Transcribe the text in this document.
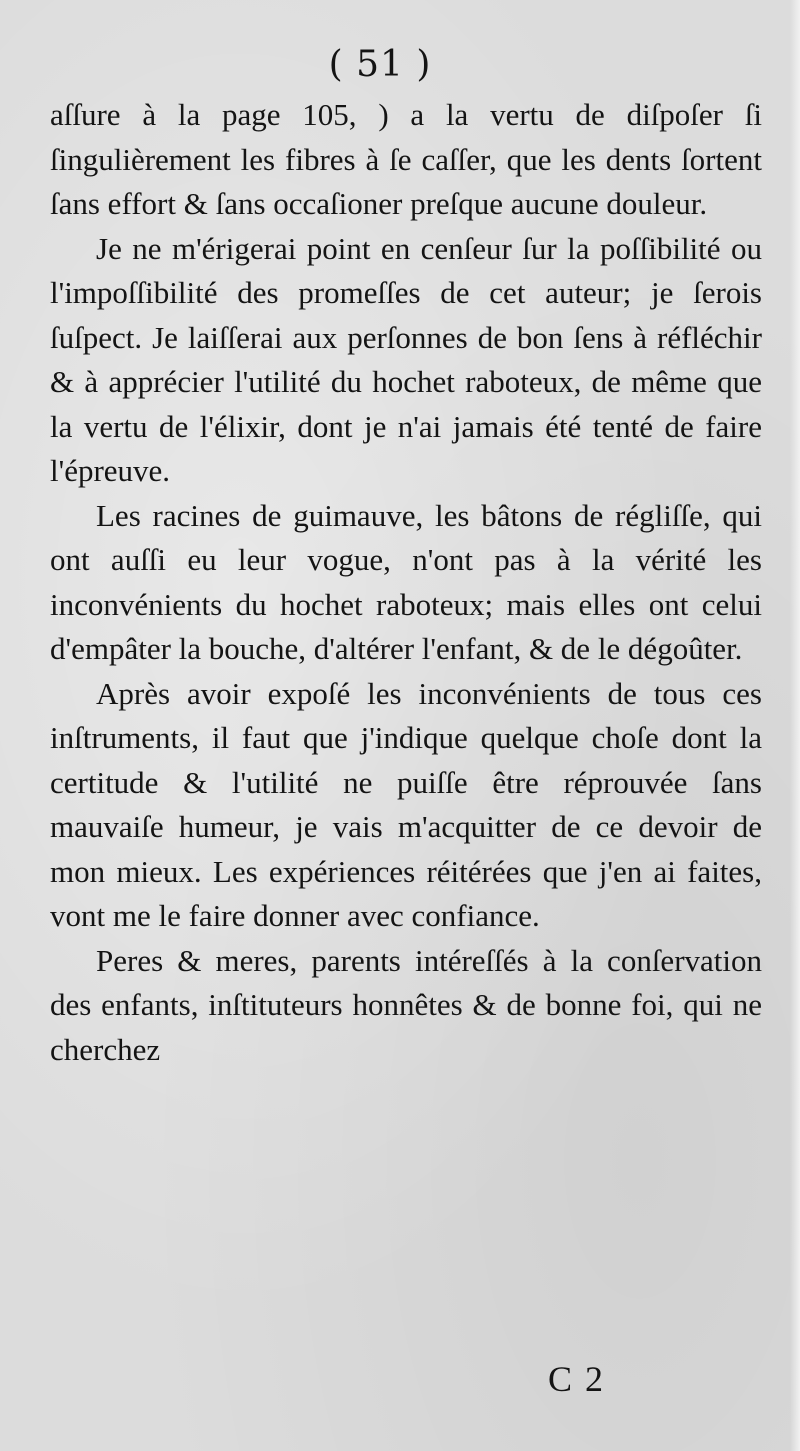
( 51 )

aſſure à la page 105, ) a la vertu de diſpoſer ſi ſingulièrement les fibres à ſe caſſer, que les dents ſortent ſans effort & ſans occaſioner preſque aucune douleur.

Je ne m'érigerai point en cenſeur ſur la poſſibilité ou l'impoſſibilité des promeſſes de cet auteur; je ſerois ſuſpect. Je laiſſerai aux perſonnes de bon ſens à réfléchir & à apprécier l'utilité du hochet raboteux, de même que la vertu de l'élixir, dont je n'ai jamais été tenté de faire l'épreuve.

Les racines de guimauve, les bâtons de régliſſe, qui ont auſſi eu leur vogue, n'ont pas à la vérité les inconvénients du hochet raboteux; mais elles ont celui d'empâter la bouche, d'altérer l'enfant, & de le dégoûter.

Après avoir expoſé les inconvénients de tous ces inſtruments, il faut que j'indique quelque choſe dont la certitude & l'utilité ne puiſſe être réprouvée ſans mauvaiſe humeur, je vais m'acquitter de ce devoir de mon mieux. Les expériences réitérées que j'en ai faites, vont me le faire donner avec confiance.

Peres & meres, parents intéreſſés à la conſervation des enfants, inſtituteurs honnêtes & de bonne foi, qui ne cherchez

C 2
